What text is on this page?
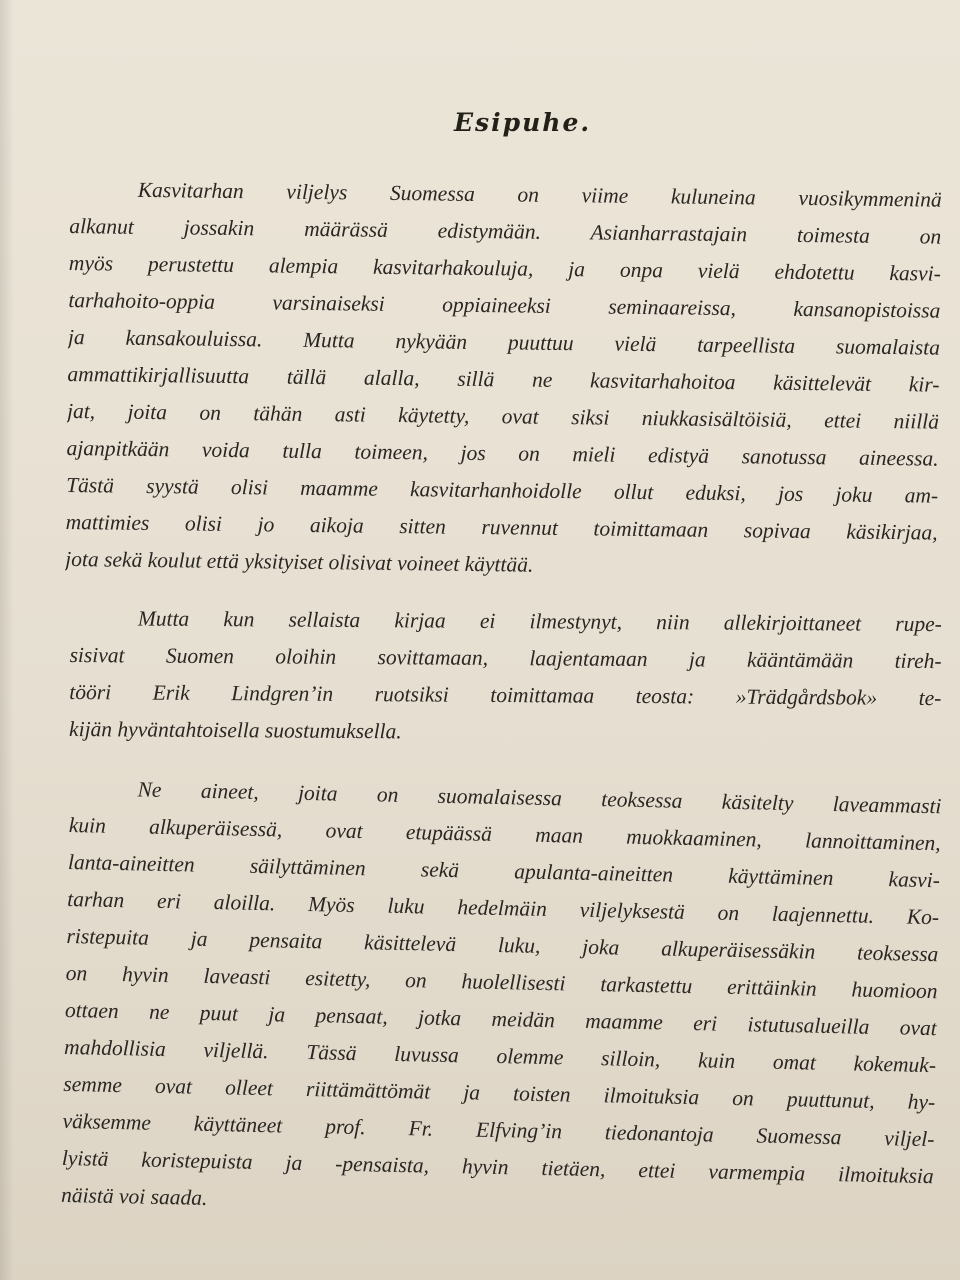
Esipuhe.
Kasvitarhan viljelys Suomessa on viime kuluneina vuosikymmeninä
alkanut jossakin määrässä edistymään. Asianharrastajain toimesta on
myös perustettu alempia kasvitarhakouluja, ja onpa vielä ehdotettu kasvi-
tarhahoito-oppia varsinaiseksi oppiaineeksi seminaareissa, kansanopistoissa
ja kansakouluissa. Mutta nykyään puuttuu vielä tarpeellista suomalaista
ammattikirjallisuutta tällä alalla, sillä ne kasvitarhahoitoa käsittelevät kir-
jat, joita on tähän asti käytetty, ovat siksi niukkasisältöisiä, ettei niillä
ajanpitkään voida tulla toimeen, jos on mieli edistyä sanotussa aineessa.
Tästä syystä olisi maamme kasvitarhanhoidolle ollut eduksi, jos joku am-
mattimies olisi jo aikoja sitten ruvennut toimittamaan sopivaa käsikirjaa,
jota sekä koulut että yksityiset olisivat voineet käyttää.
Mutta kun sellaista kirjaa ei ilmestynyt, niin allekirjoittaneet rupe-
sisivat Suomen oloihin sovittamaan, laajentamaan ja kääntämään tireh-
tööri Erik Lindgren’in ruotsiksi toimittamaa teosta: »Trädgårdsbok» te-
kijän hyväntahtoisella suostumuksella.
Ne aineet, joita on suomalaisessa teoksessa käsitelty laveammasti
kuin alkuperäisessä, ovat etupäässä maan muokkaaminen, lannoittaminen,
lanta-aineitten säilyttäminen sekä apulanta-aineitten käyttäminen kasvi-
tarhan eri aloilla. Myös luku hedelmäin viljelyksestä on laajennettu. Ko-
ristepuita ja pensaita käsittelevä luku, joka alkuperäisessäkin teoksessa
on hyvin laveasti esitetty, on huolellisesti tarkastettu erittäinkin huomioon
ottaen ne puut ja pensaat, jotka meidän maamme eri istutusalueilla ovat
mahdollisia viljellä. Tässä luvussa olemme silloin, kuin omat kokemuk-
semme ovat olleet riittämättömät ja toisten ilmoituksia on puuttunut, hy-
väksemme käyttäneet prof. Fr. Elfving’in tiedonantoja Suomessa viljel-
lyistä koristepuista ja -pensaista, hyvin tietäen, ettei varmempia ilmoituksia
näistä voi saada.
